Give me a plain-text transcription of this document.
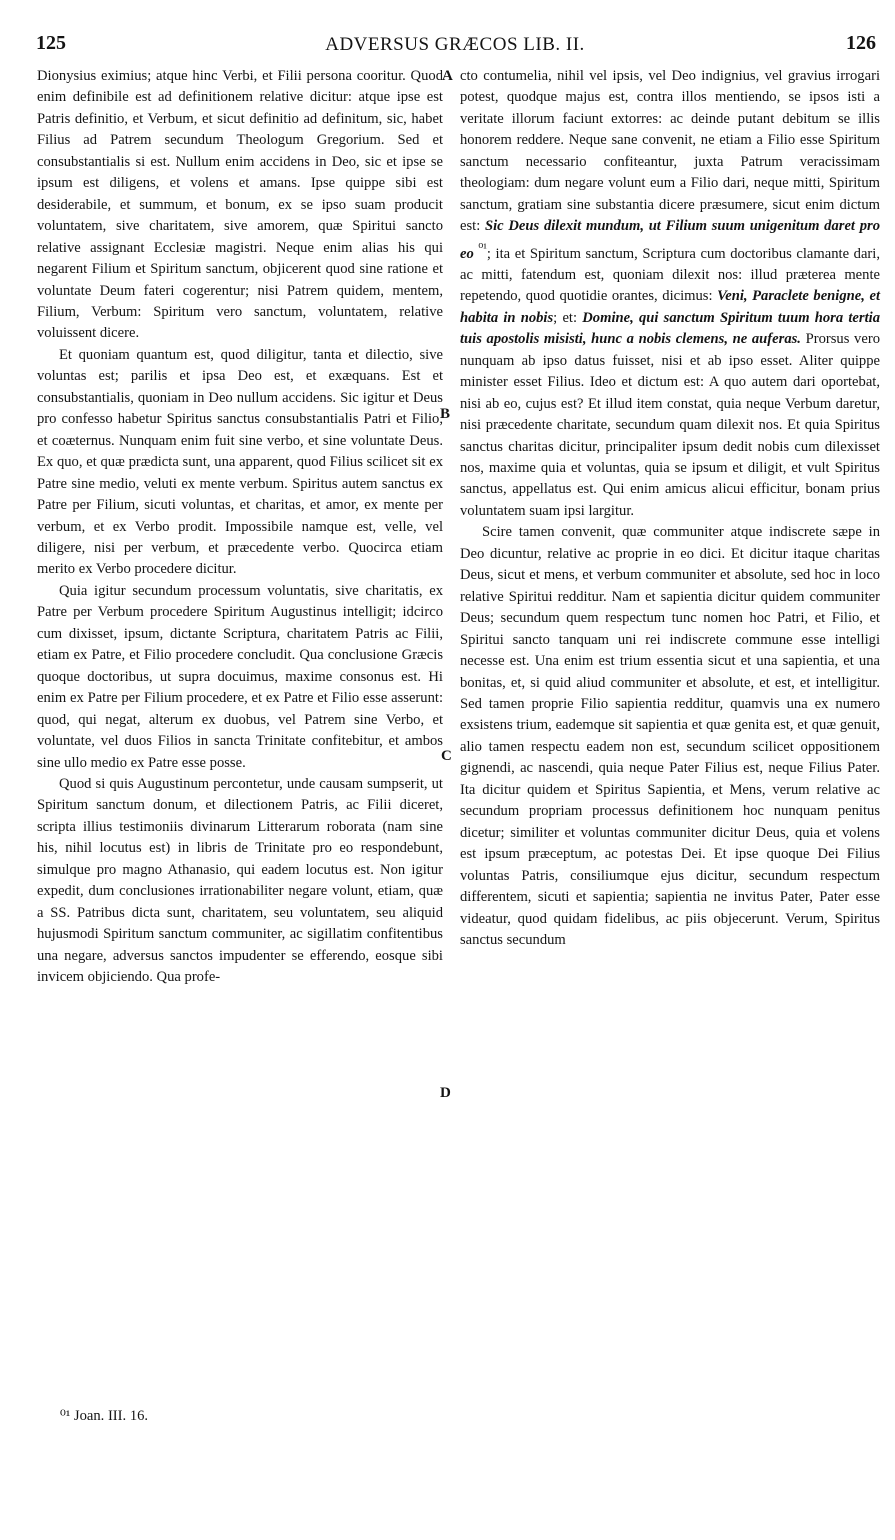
125	ADVERSUS GRÆCOS LIB. II.	126

Dionysius eximius; atque hinc Verbi, et Filii persona cooritur. Quod enim definibile est ad definitionem relative dicitur: atque ipse est Patris definitio, et Verbum, et sicut definitio ad definitum, sic, habet Filius ad Patrem secundum Theologum Gregorium. Sed et consubstantialis si est. Nullum enim accidens in Deo, sic et ipse se ipsum est diligens, et volens et amans. Ipse quippe sibi est desiderabile, et summum, et bonum, ex se ipso suam producit voluntatem, sive charitatem, sive amorem, quæ Spiritui sancto relative assignant Ecclesiæ magistri. Neque enim alias his qui negarent Filium et Spiritum sanctum, objicerent quod sine ratione et voluntate Deum fateri cogerentur; nisi Patrem quidem, mentem, Filium, Verbum: Spiritum vero sanctum, voluntatem, relative voluissent dicere.

Et quoniam quantum est, quod diligitur, tanta et dilectio, sive voluntas est; parilis et ipsa Deo est, et exæquans. Est et consubstantialis, quoniam in Deo nullum accidens. Sic igitur et Deus pro confesso habetur Spiritus sanctus consubstantialis Patri et Filio, et coæternus. Nunquam enim fuit sine verbo, et sine voluntate Deus. Ex quo, et quæ prædicta sunt, una apparent, quod Filius scilicet sit ex Patre sine medio, veluti ex mente verbum. Spiritus autem sanctus ex Patre per Filium, sicuti voluntas, et charitas, et amor, ex mente per verbum, et ex Verbo prodit. Impossibile namque est, velle, vel diligere, nisi per verbum, et præcedente verbo. Quocirca etiam merito ex Verbo procedere dicitur.

Quia igitur secundum processum voluntatis, sive charitatis, ex Patre per Verbum procedere Spiritum Augustinus intelligit; idcirco cum dixisset, ipsum, dictante Scriptura, charitatem Patris ac Filii, etiam ex Patre, et Filio procedere concludit. Qua conclusione Græcis quoque doctoribus, ut supra docuimus, maxime consonus est. Hi enim ex Patre per Filium procedere, et ex Patre et Filio esse asserunt: quod, qui negat, alterum ex duobus, vel Patrem sine Verbo, et voluntate, vel duos Filios in sancta Trinitate confitebitur, et ambos sine ullo medio ex Patre esse posse.

Quod si quis Augustinum percontetur, unde causam sumpserit, ut Spiritum sanctum donum, et dilectionem Patris, ac Filii diceret, scripta illius testimoniis divinarum Litterarum roborata (nam sine his, nihil locutus est) in libris de Trinitate pro eo respondebunt, simulque pro magno Athanasio, qui eadem locutus est. Non igitur expedit, dum conclusiones irrationabiliter negare volunt, etiam, quæ a SS. Patribus dicta sunt, charitatem, seu voluntatem, seu aliquid hujusmodi Spiritum sanctum communiter, ac sigillatim confitentibus una negare, adversus sanctos impudenter se efferendo, eosque sibi invicem objiciendo. Qua profe-

A
B
C
D

cto contumelia, nihil vel ipsis, vel Deo indignius, vel gravius irrogari potest, quodque majus est, contra illos mentiendo, se ipsos isti a veritate illorum faciunt extorres: ac deinde putant debitum se illis honorem reddere. Neque sane convenit, ne etiam a Filio esse Spiritum sanctum necessario confiteantur, juxta Patrum veracissimam theologiam: dum negare volunt eum a Filio dari, neque mitti, Spiritum sanctum, gratiam sine substantia dicere præsumere, sicut enim dictum est: Sic Deus dilexit mundum, ut Filium suum unigenitum daret pro eo $^{^{01}}$; ita et Spiritum sanctum, Scriptura cum doctoribus clamante dari, ac mitti, fatendum est, quoniam dilexit nos: illud præterea mente repetendo, quod quotidie orantes, dicimus: Veni, Paraclete benigne, et habita in nobis; et: Domine, qui sanctum Spiritum tuum hora tertia tuis apostolis misisti, hunc a nobis clemens, ne auferas. Prorsus vero nunquam ab ipso datus fuisset, nisi et ab ipso esset. Aliter quippe minister esset Filius. Ideo et dictum est: A quo autem dari oportebat, nisi ab eo, cujus est? Et illud item constat, quia neque Verbum daretur, nisi præcedente charitate, secundum quam dilexit nos. Et quia Spiritus sanctus charitas dicitur, principaliter ipsum dedit nobis cum dilexisset nos, maxime quia et voluntas, quia se ipsum et diligit, et vult Spiritus sanctus, appellatus est. Qui enim amicus alicui efficitur, bonam prius voluntatem suam ipsi largitur.

Scire tamen convenit, quæ communiter atque indiscrete sæpe in Deo dicuntur, relative ac proprie in eo dici. Et dicitur itaque charitas Deus, sicut et mens, et verbum communiter et absolute, sed hoc in loco relative Spiritui redditur. Nam et sapientia dicitur quidem communiter Deus; secundum quem respectum tunc nomen hoc Patri, et Filio, et Spiritui sancto tanquam uni rei indiscrete commune esse intelligi necesse est. Una enim est trium essentia sicut et una sapientia, et una bonitas, et, si quid aliud communiter et absolute, et est, et intelligitur. Sed tamen proprie Filio sapientia redditur, quamvis una ex numero exsistens trium, eademque sit sapientia et quæ genita est, et quæ genuit, alio tamen respectu eadem non est, secundum scilicet oppositionem gignendi, ac nascendi, quia neque Pater Filius est, neque Filius Pater. Ita dicitur quidem et Spiritus Sapientia, et Mens, verum relative ac secundum propriam processus definitionem hoc nunquam penitus dicetur; similiter et voluntas communiter dicitur Deus, quia et volens est ipsum præceptum, ac potestas Dei. Et ipse quoque Dei Filius voluntas Patris, consiliumque ejus dicitur, secundum respectum differentem, sicuti et sapientia; sapientia ne invitus Pater, Pater esse videatur, quod quidam fidelibus, ac piis objecerunt. Verum, Spiritus sanctus secundum

⁰¹ Joan. III. 16.
